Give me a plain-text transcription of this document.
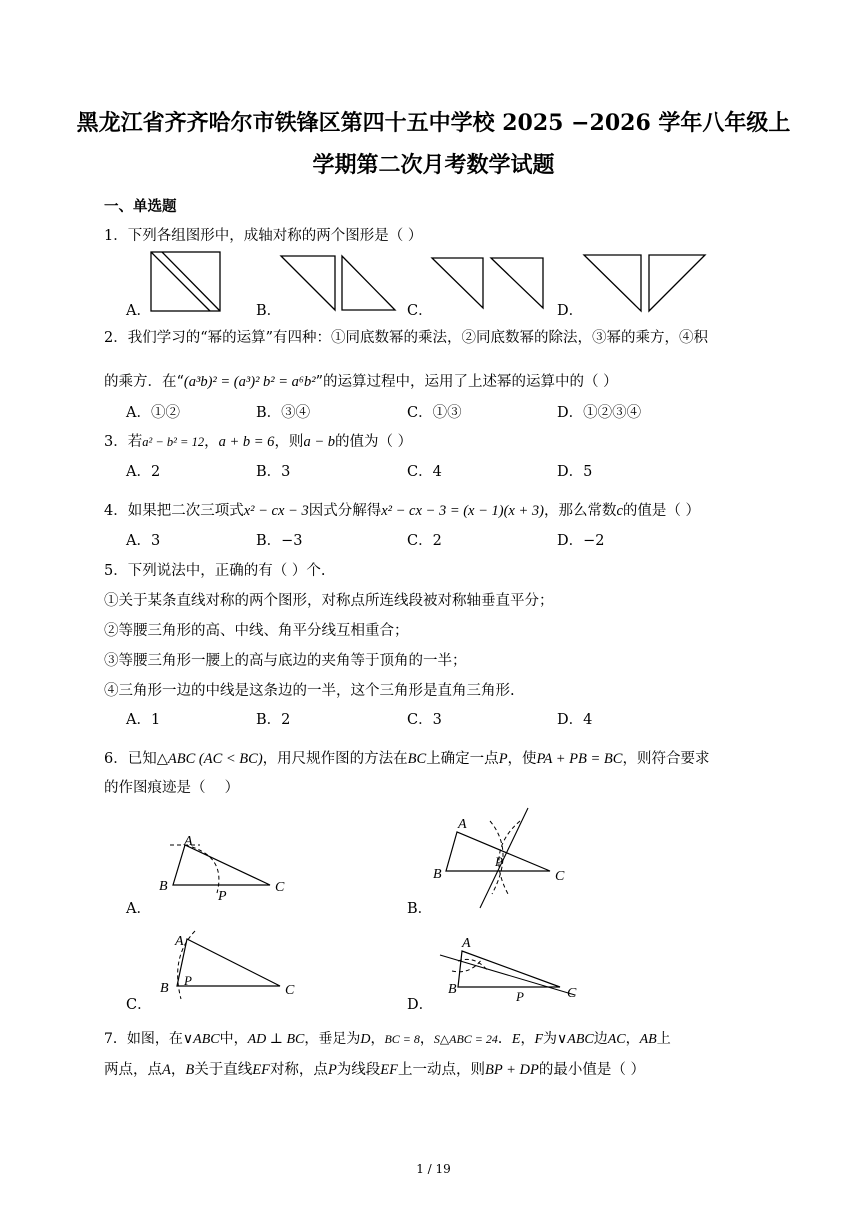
黑龙江省齐齐哈尔市铁锋区第四十五中学校 2025 −2026 学年八年级上
学期第二次月考数学试题
一、单选题
1．下列各组图形中，成轴对称的两个图形是（ ）
A．	B．	C．	D．
2．我们学习的“幂的运算”有四种：①同底数幂的乘法，②同底数幂的除法，③幂的乘方，④积
的乘方．在“(a³b)² = (a³)² b² = a⁶b²”的运算过程中，运用了上述幂的运算中的（ ）
A．①②	B．③④	C．①③	D．①②③④
3．若a² − b² = 12，a + b = 6，则a − b的值为（ ）
A．2	B．3	C．4	D．5
4．如果把二次三项式x² − cx − 3因式分解得x² − cx − 3 = (x − 1)(x + 3)，那么常数c的值是（ ）
A．3	B．−3	C．2	D．−2
5．下列说法中，正确的有（ ）个.
①关于某条直线对称的两个图形，对称点所连线段被对称轴垂直平分；
②等腰三角形的高、中线、角平分线互相重合；
③等腰三角形一腰上的高与底边的夹角等于顶角的一半；
④三角形一边的中线是这条边的一半，这个三角形是直角三角形.
A．1	B．2	C．3	D．4
6．已知△ABC (AC < BC)，用尺规作图的方法在BC上确定一点P，使PA + PB = BC，则符合要求
的作图痕迹是（　 ）
A
B	C
P
A．
A
B	C
P
B．
A
B	C
P
C．
A
B	C
P
D．
7．如图，在∨ABC中，AD ⊥ BC，垂足为D，BC = 8，S△ABC = 24．E，F为∨ABC边AC，AB上
两点，点A，B关于直线EF对称，点P为线段EF上一动点，则BP + DP的最小值是（ ）
1 / 19
